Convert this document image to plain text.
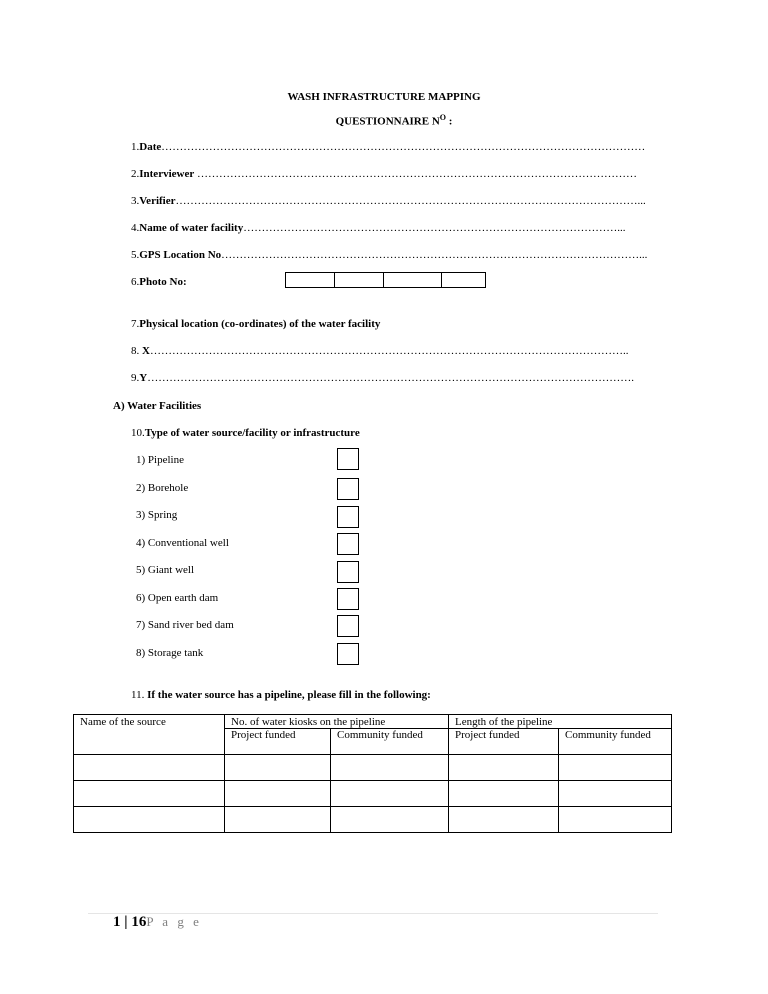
WASH INFRASTRUCTURE MAPPING
QUESTIONNAIRE $N^O$ :
1.Date……………………………………………………………………………………………………………………
2.Interviewer …………………………………………………………………………………………………………
3.Verifier………………………………………………………………………………………………………………...
4.Name of water facility…………………………………………………………………………………………...
5.GPS Location No……………………………………………………………………………………………………...
6.Photo No:

7.Physical location (co-ordinates) of the water facility
8. X…………………………………………………………………………………………………………………..
9.Y…………………………………………………………………………………………………………………….
A) Water Facilities
10.Type of water source/facility or infrastructure
1) Pipeline
2) Borehole
3) Spring
4) Conventional well
5) Giant well
6) Open earth dam
7) Sand river bed dam
8) Storage tank
11. If the water source has a pipeline, please fill in the following:
Name of the source	No. of water kiosks on the pipeline		Length of the pipeline	
	Project funded	Community funded	Project funded	Community funded

1 | 16P a g e
